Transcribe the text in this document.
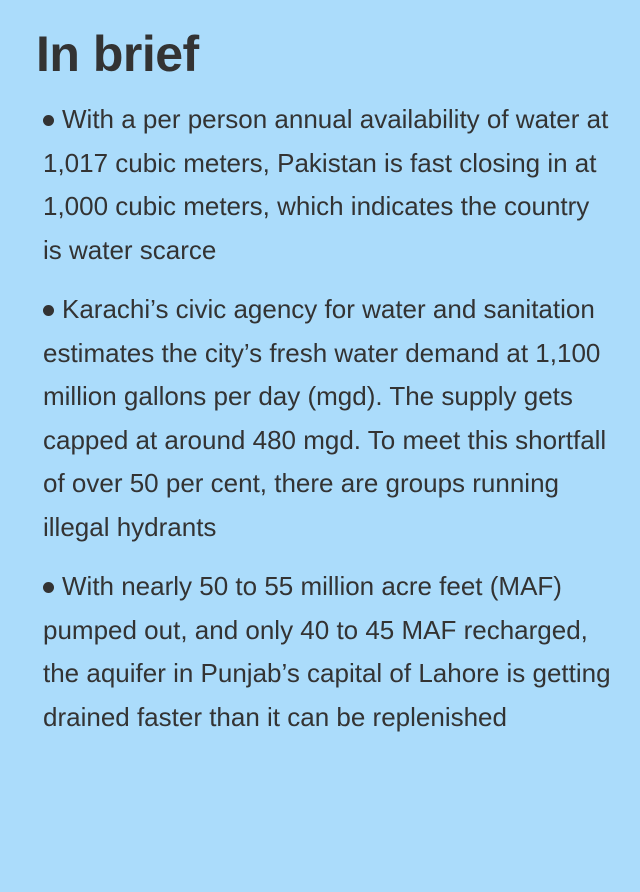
In brief
With a per person annual availability of water at 1,017 cubic meters, Pakistan is fast closing in at 1,000 cubic meters, which indicates the country is water scarce
Karachi’s civic agency for water and sanitation estimates the city’s fresh water demand at 1,100 million gallons per day (mgd). The supply gets capped at around 480 mgd. To meet this shortfall of over 50 per cent, there are groups running illegal hydrants
With nearly 50 to 55 million acre feet (MAF) pumped out, and only 40 to 45 MAF recharged, the aquifer in Punjab’s capital of Lahore is getting drained faster than it can be replenished
